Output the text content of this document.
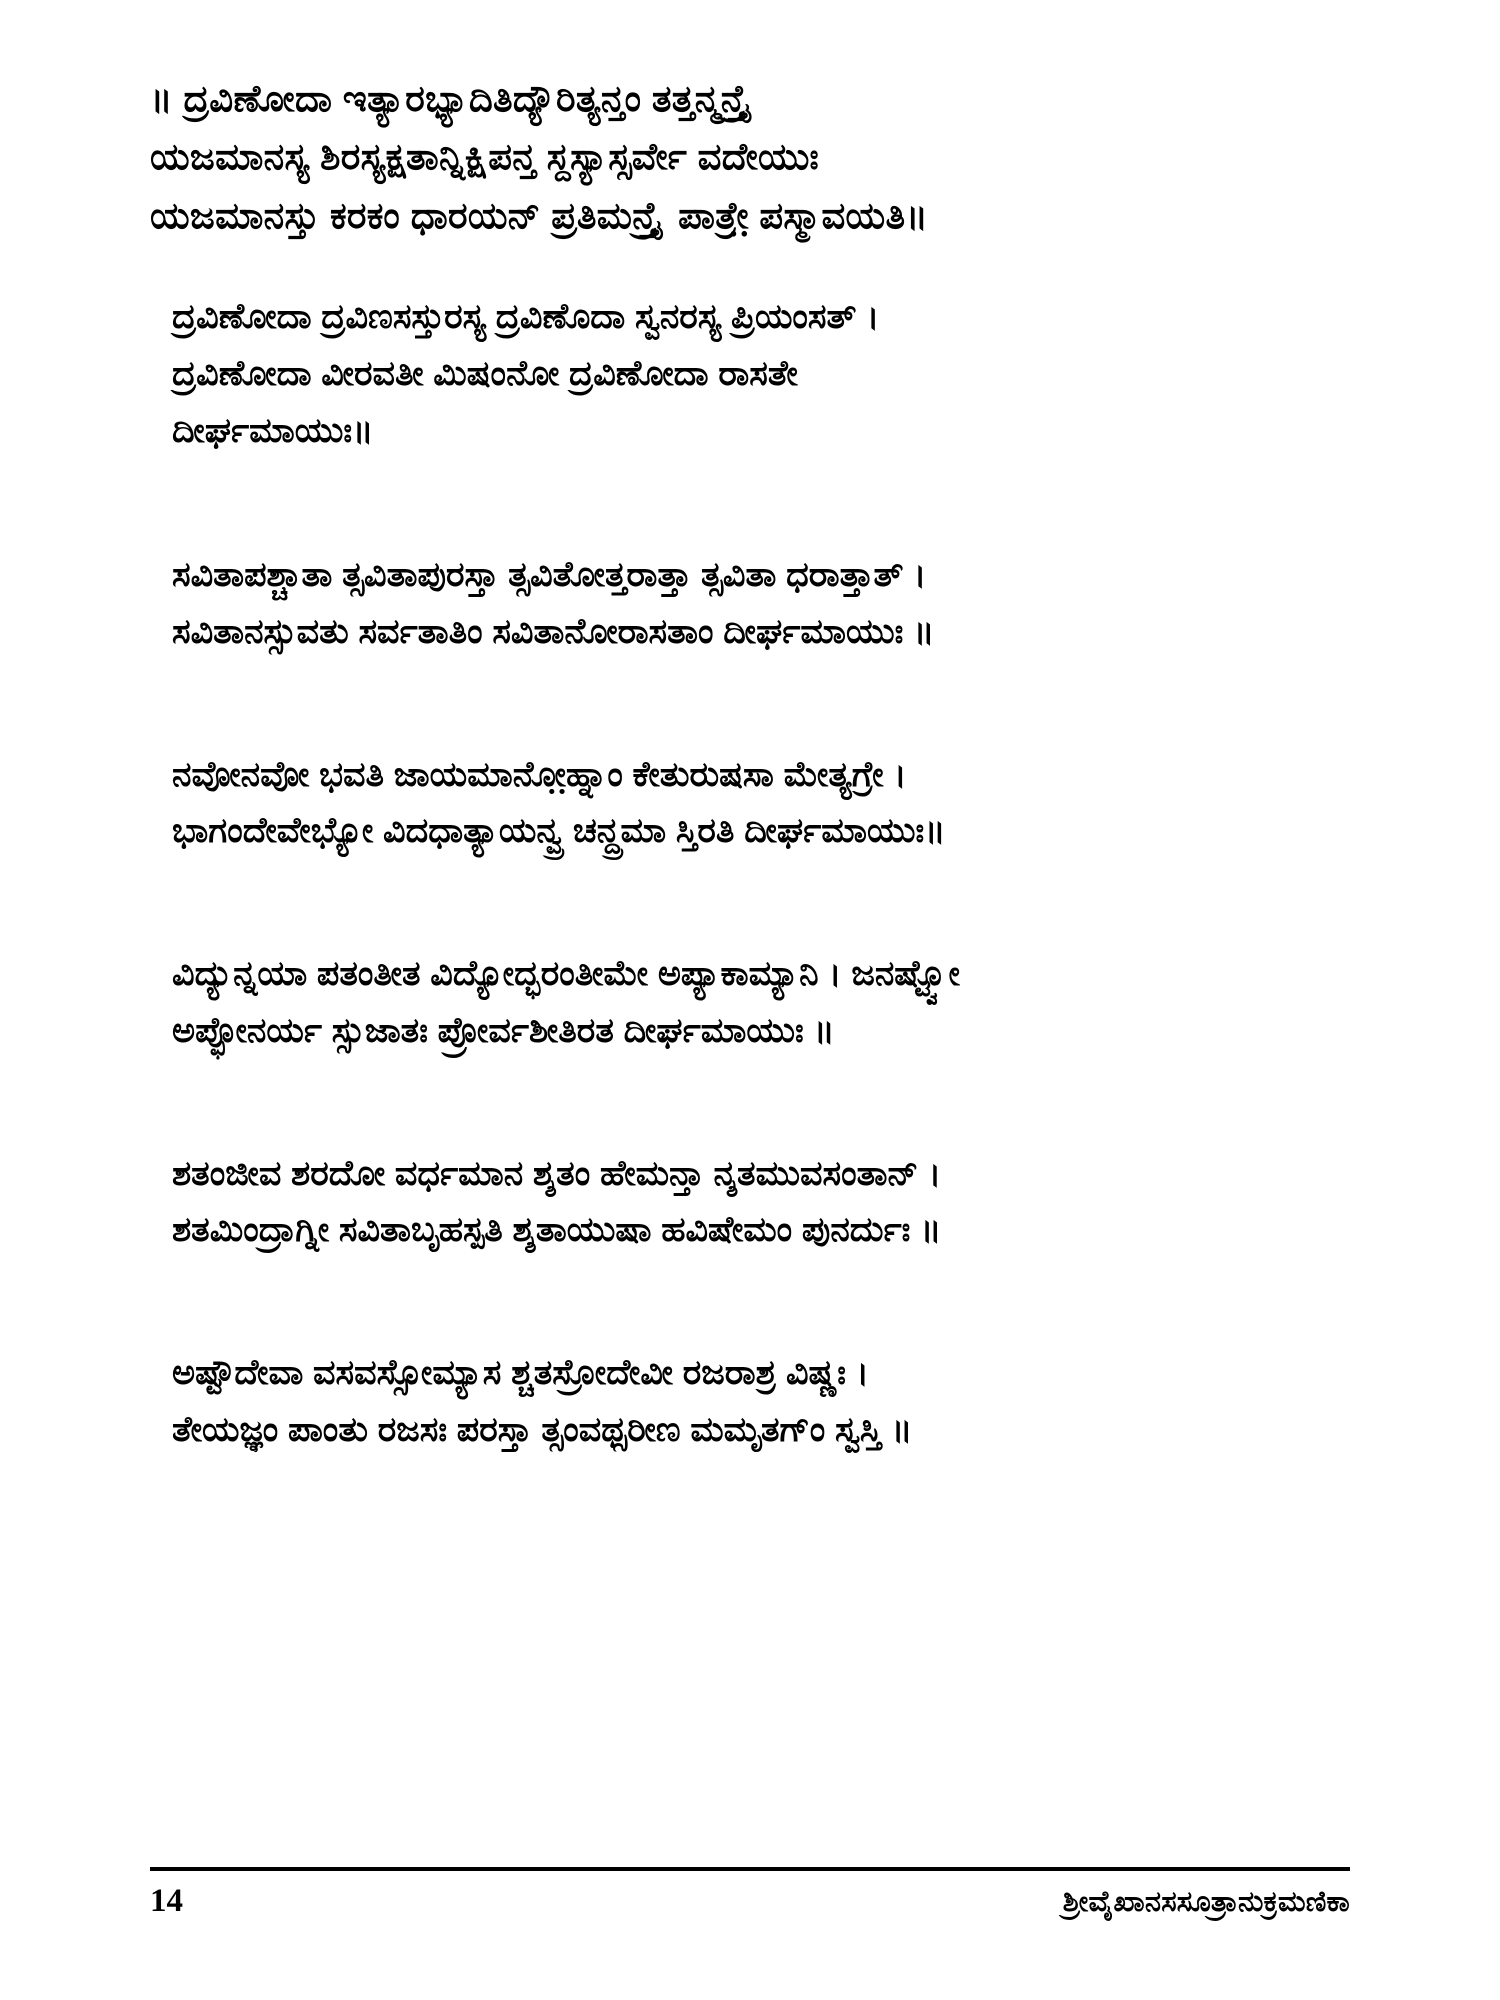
॥ ದ್ರವಿಣೋದಾ ಇತ್ಯಾರಭ್ಯಾದಿತಿದ್ಯೌರಿತ್ಯನ್ತಂ ತತ್ತನ್ಮನ್ತ್ರೈ
ಯಜಮಾನಸ್ಯ ಶಿರಸ್ಯಕ್ಷತಾನ್ನಿಕ್ಷಿಪನ್ತ ಸ್ದಸ್ಯಾಸ್ಸರ್ವೇ ವದೇಯುಃ
ಯಜಮಾನಸ್ತು ಕರಕಂ ಧಾರಯನ್ ಪ್ರತಿಮನ್ತ್ರೈ ಪಾತ್ರೇ಼ ಪಸ್ಮಾವಯತಿ॥
ದ್ರವಿಣೋದಾ ದ್ರವಿಣಸಸ್ತುರಸ್ಯ ದ್ರವಿಣೊದಾ ಸ್ವನರಸ್ಯ ಪ್ರಿಯಂಸತ್ ।
ದ್ರವಿಣೋದಾ ವೀರವತೀ ಮಿಷಂನೋ ದ್ರವಿಣೋದಾ ರಾಸತೇ
ದೀರ್ಘಮಾಯುಃ॥
ಸವಿತಾಪಶ್ಚಾತಾ ತ್ಸವಿತಾಪುರಸ್ತಾ ತ್ಸವಿತೋತ್ತರಾತ್ತಾ ತ್ಸವಿತಾ ಧರಾತ್ತಾತ್ ।
ಸವಿತಾನಸ್ಸುವತು ಸರ್ವತಾತಿಂ ಸವಿತಾನೋರಾಸತಾಂ ದೀರ್ಘಮಾಯುಃ ॥
ನವೋನವೋ ಭವತಿ ಜಾಯಮಾನೋ಼ಹ್ನಾಂ ಕೇತುರುಷಸಾ ಮೇತ್ಯಗ್ರೇ ।
ಭಾಗಂದೇವೇಭ್ಯೋ ವಿದಧಾತ್ಯಾಯನ್ವ್ರ ಚನ್ದ್ರಮಾ ಸ್ತಿರತಿ ದೀರ್ಘಮಾಯುಃ॥
ವಿದ್ಯುನ್ನಯಾ ಪತಂತೀತ ವಿದ್ಯೋದ್ಭರಂತೀಮೇ ಅಪ್ಯಾಕಾಮ್ಯಾನಿ । ಜನಷ್ಟ್ವೋ
ಅಪ್ಫೋನರ್ಯ ಸ್ಸುಜಾತಃ ಪ್ರೋರ್ವಶೀತಿರತ ದೀರ್ಘಮಾಯುಃ ॥
ಶತಂಜೀವ ಶರದೋ ವರ್ಧಮಾನ ಶ್ಶತಂ ಹೇಮನ್ತಾ ನ್ಶತಮುವಸಂತಾನ್ ।
ಶತಮಿಂದ್ರಾಗ್ನೀ ಸವಿತಾಬೃಹಸ್ಪತಿ ಶ್ಶತಾಯುಷಾ ಹವಿಷೇಮಂ ಪುನರ್ದುಃ ॥
ಅಷ್ಟೌದೇವಾ ವಸವಸ್ಸೋಮ್ಯಾಸ ಶ್ಚತಸ್ರೋದೇವೀ ರಜರಾಶ್ರ ವಿಷ್ಣಃ ।
ತೇಯಜ್ಞಂ ಪಾಂತು ರಜಸಃ ಪರಸ್ತಾ ತ್ಸಂವಥ್ಸರೀಣ ಮಮೃತಗ್ಂ ಸ್ವಸ್ತಿ ॥
14	ಶ್ರೀವೈಖಾನಸಸೂತ್ರಾನುಕ್ರಮಣಿಕಾ
